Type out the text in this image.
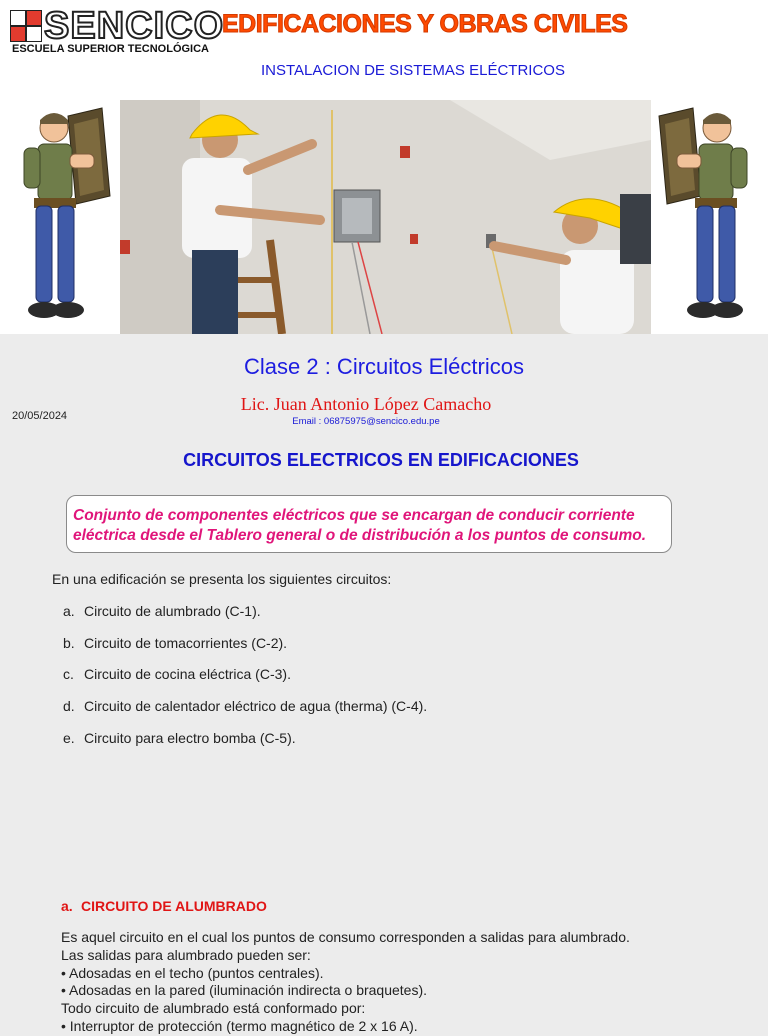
SENCICO
ESCUELA SUPERIOR TECNOLÓGICA
EDIFICACIONES Y OBRAS CIVILES
INSTALACION DE SISTEMAS ELÉCTRICOS
Clase 2 : Circuitos Eléctricos
20/05/2024
Lic. Juan Antonio López Camacho
Email : 06875975@sencico.edu.pe
CIRCUITOS ELECTRICOS EN EDIFICACIONES

Conjunto de componentes eléctricos que se encargan de conducir corriente

eléctrica desde el Tablero general o de distribución a los puntos de consumo.

En una edificación se presenta los siguientes circuitos:
a. Circuito de alumbrado (C-1).
b. Circuito de tomacorrientes (C-2).
c. Circuito de cocina eléctrica (C-3).
d. Circuito de calentador eléctrico de agua (therma) (C-4).
e. Circuito para electro bomba (C-5).
a. CIRCUITO DE ALUMBRADO
Es aquel circuito en el cual los puntos de consumo corresponden a salidas para alumbrado.
Las salidas para alumbrado pueden ser:
• Adosadas en el techo (puntos centrales).
• Adosadas en la pared (iluminación indirecta o braquetes).
Todo circuito de alumbrado está conformado por:
• Interruptor de protección (termo magnético de 2 x 16 A).
